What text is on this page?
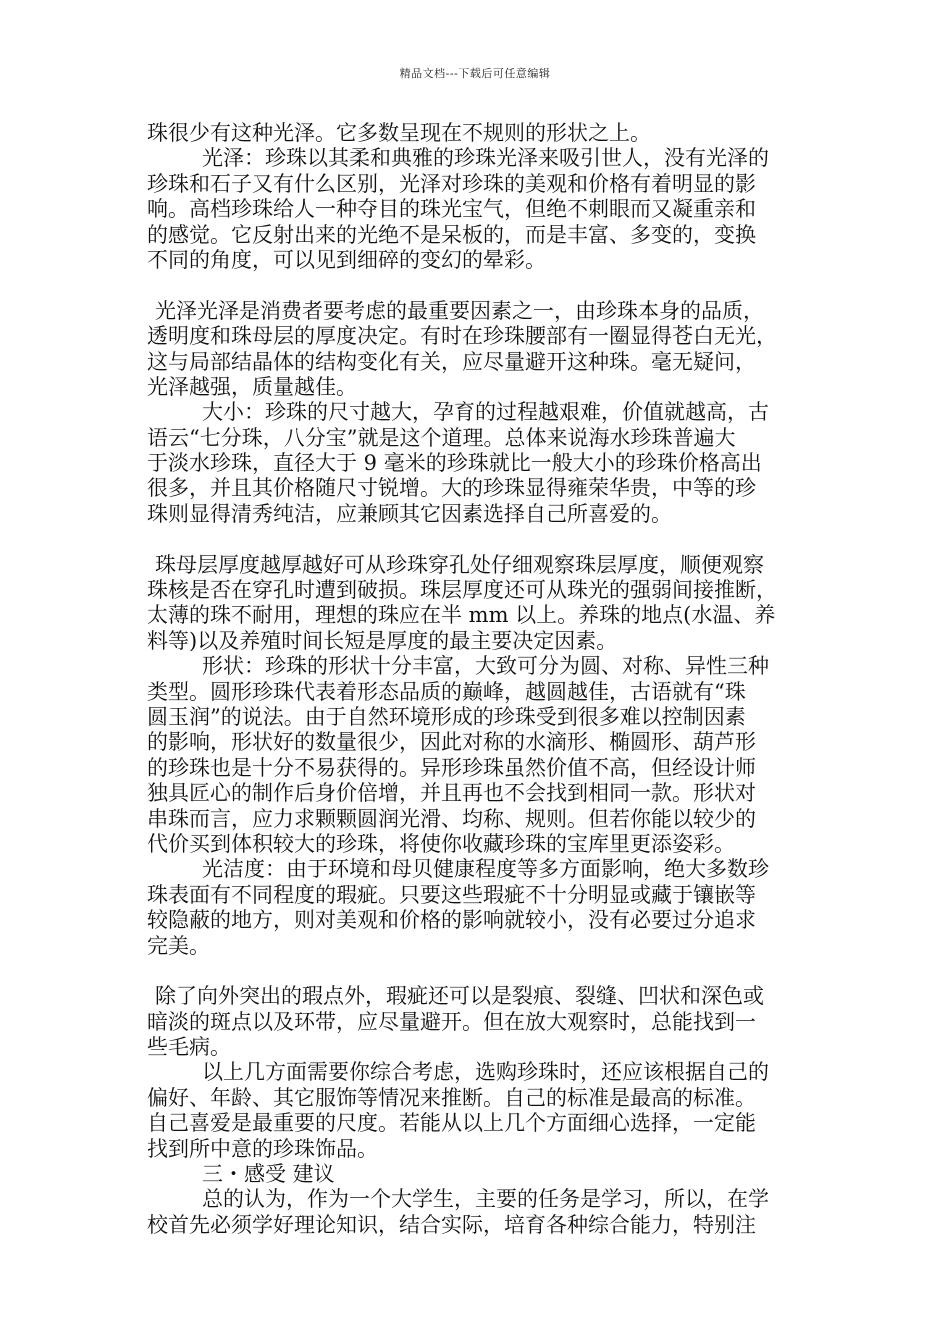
精品文档---下载后可任意编辑
珠很少有这种光泽。它多数呈现在不规则的形状之上。
光泽：珍珠以其柔和典雅的珍珠光泽来吸引世人，没有光泽的
珍珠和石子又有什么区别，光泽对珍珠的美观和价格有着明显的影
响。高档珍珠给人一种夺目的珠光宝气，但绝不刺眼而又凝重亲和
的感觉。它反射出来的光绝不是呆板的，而是丰富、多变的，变换
不同的角度，可以见到细碎的变幻的晕彩。
光泽光泽是消费者要考虑的最重要因素之一，由珍珠本身的品质，
透明度和珠母层的厚度决定。有时在珍珠腰部有一圈显得苍白无光，
这与局部结晶体的结构变化有关，应尽量避开这种珠。毫无疑问，
光泽越强，质量越佳。
大小：珍珠的尺寸越大，孕育的过程越艰难，价值就越高，古
语云“七分珠，八分宝”就是这个道理。总体来说海水珍珠普遍大
于淡水珍珠，直径大于 9 毫米的珍珠就比一般大小的珍珠价格高出
很多，并且其价格随尺寸锐增。大的珍珠显得雍荣华贵，中等的珍
珠则显得清秀纯洁，应兼顾其它因素选择自己所喜爱的。
珠母层厚度越厚越好可从珍珠穿孔处仔细观察珠层厚度，顺便观察
珠核是否在穿孔时遭到破损。珠层厚度还可从珠光的强弱间接推断，
太薄的珠不耐用，理想的珠应在半 mm 以上。养珠的地点(水温、养
料等)以及养殖时间长短是厚度的最主要决定因素。
形状：珍珠的形状十分丰富，大致可分为圆、对称、异性三种
类型。圆形珍珠代表着形态品质的巅峰，越圆越佳，古语就有“珠
圆玉润”的说法。由于自然环境形成的珍珠受到很多难以控制因素
的影响，形状好的数量很少，因此对称的水滴形、椭圆形、葫芦形
的珍珠也是十分不易获得的。异形珍珠虽然价值不高，但经设计师
独具匠心的制作后身价倍增，并且再也不会找到相同一款。形状对
串珠而言，应力求颗颗圆润光滑、均称、规则。但若你能以较少的
代价买到体积较大的珍珠，将使你收藏珍珠的宝库里更添姿彩。
光洁度：由于环境和母贝健康程度等多方面影响，绝大多数珍
珠表面有不同程度的瑕疵。只要这些瑕疵不十分明显或藏于镶嵌等
较隐蔽的地方，则对美观和价格的影响就较小，没有必要过分追求
完美。
除了向外突出的瑕点外，瑕疵还可以是裂痕、裂缝、凹状和深色或
暗淡的斑点以及环带，应尽量避开。但在放大观察时，总能找到一
些毛病。
以上几方面需要你综合考虑，选购珍珠时，还应该根据自己的
偏好、年龄、其它服饰等情况来推断。自己的标准是最高的标准。
自己喜爱是最重要的尺度。若能从以上几个方面细心选择，一定能
找到所中意的珍珠饰品。
三・感受 建议
总的认为，作为一个大学生，主要的任务是学习，所以，在学
校首先必须学好理论知识，结合实际，培育各种综合能力，特别注
